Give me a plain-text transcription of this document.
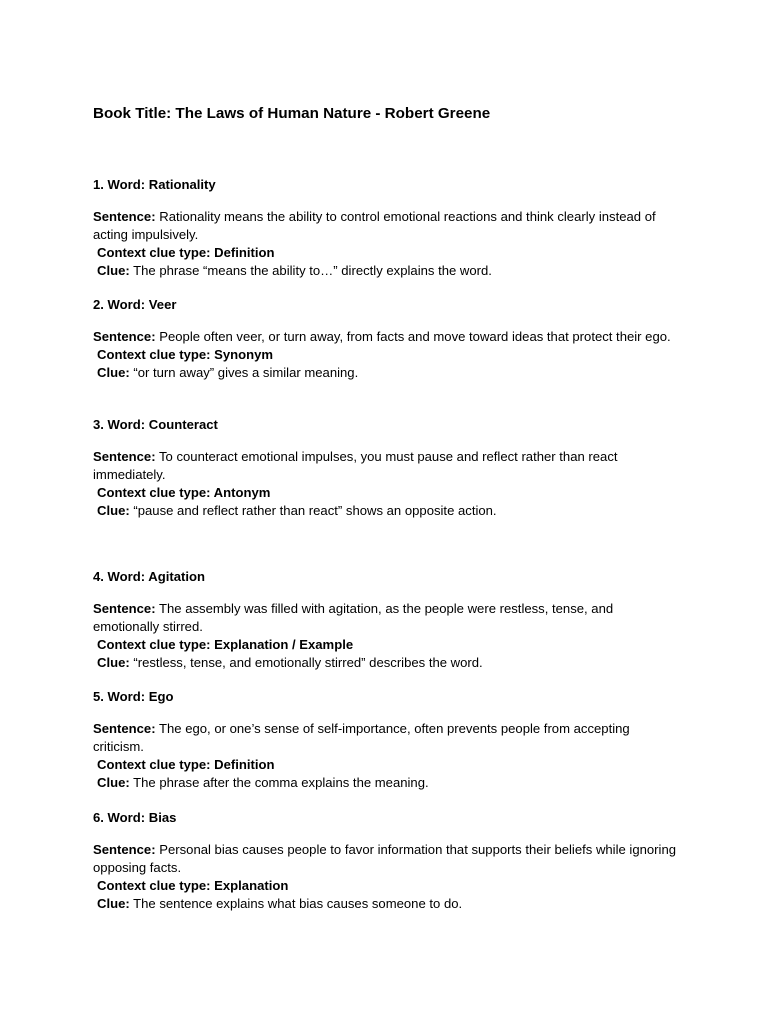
Book Title: The Laws of Human Nature - Robert Greene

1. Word: Rationality

Sentence: Rationality means the ability to control emotional reactions and think clearly instead of acting impulsively.

Context clue type: Definition

Clue: The phrase “means the ability to…” directly explains the word.

2. Word: Veer

Sentence: People often veer, or turn away, from facts and move toward ideas that protect their ego.

Context clue type: Synonym

Clue: “or turn away” gives a similar meaning.

3. Word: Counteract

Sentence: To counteract emotional impulses, you must pause and reflect rather than react immediately.

Context clue type: Antonym

Clue: “pause and reflect rather than react” shows an opposite action.

4. Word: Agitation

Sentence: The assembly was filled with agitation, as the people were restless, tense, and emotionally stirred.

Context clue type: Explanation / Example

Clue: “restless, tense, and emotionally stirred” describes the word.

5. Word: Ego

Sentence: The ego, or one’s sense of self-importance, often prevents people from accepting criticism.

Context clue type: Definition

Clue: The phrase after the comma explains the meaning.

6. Word: Bias

Sentence: Personal bias causes people to favor information that supports their beliefs while ignoring opposing facts.

Context clue type: Explanation

Clue: The sentence explains what bias causes someone to do.
